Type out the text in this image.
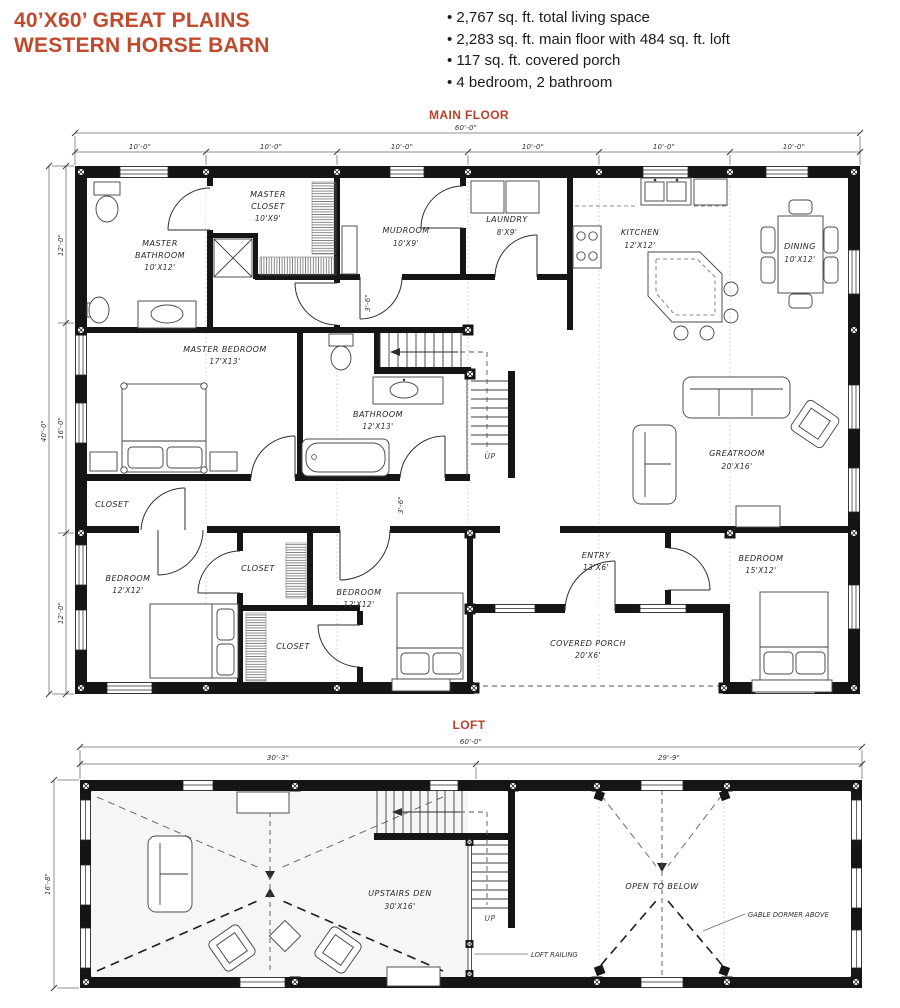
40’X60’ GREAT PLAINS
WESTERN HORSE BARN
• 2,767 sq. ft. total living space
• 2,283 sq. ft. main floor with 484 sq. ft. loft
• 117 sq. ft. covered porch
• 4 bedroom, 2 bathroom
MAIN FLOOR
60'-0"
10'-0"	10'-0"	10'-0"	10'-0"	10'-0"	10'-0"
40'-0"
12'-0"
16'-0"
12'-0"
3'-6"
3'-6"
UP
MASTER
BATHROOM
10'X12'
MASTER
CLOSET
10'X9'
MUDROOM
10'X9'
LAUNDRY
8'X9'	KITCHEN
12'X12'	DINING
10'X12'
MASTER BEDROOM
17'X13'
BATHROOM
12'X13'
GREATROOM
20'X16'
CLOSET
BEDROOM
12'X12'
CLOSET
CLOSET
BEDROOM
12'X12'
ENTRY
13'X6'
COVERED PORCH
20'X6'
BEDROOM
15'X12'
LOFT
60'-0"
30'-3"	29'-9"
16'-8"
UP
LOFT RAILING
GABLE DORMER ABOVE
UPSTAIRS DEN
30'X16'
OPEN TO BELOW
